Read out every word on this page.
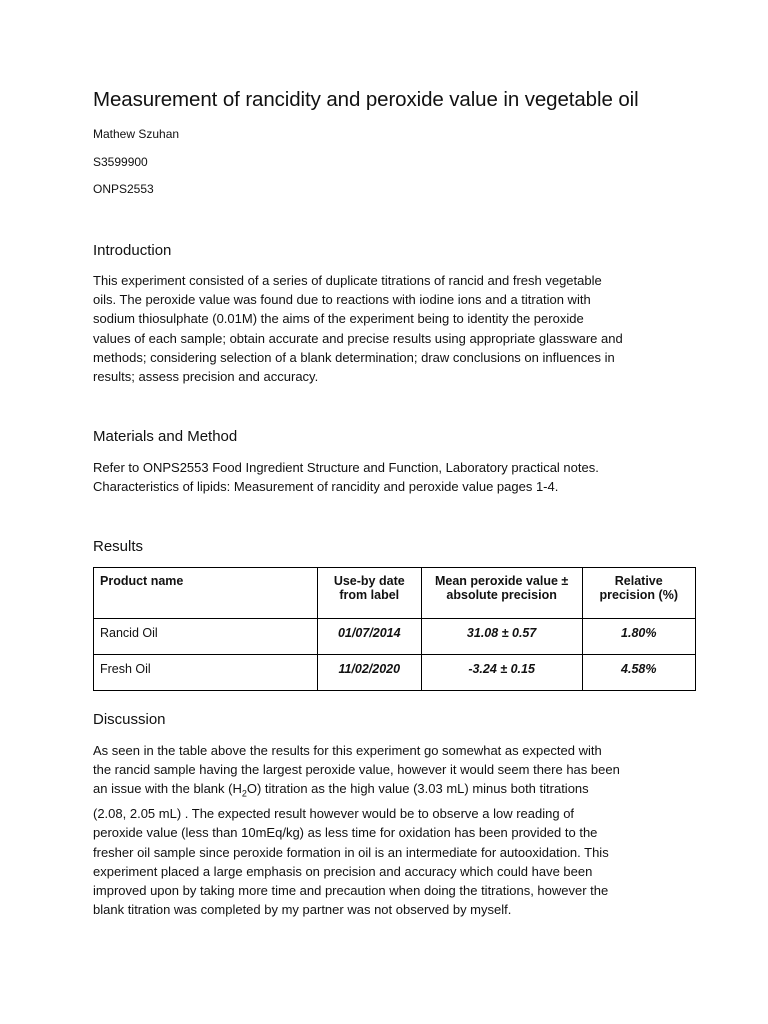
Measurement of rancidity and peroxide value in vegetable oil

Mathew Szuhan

S3599900

ONPS2553

Introduction

This experiment consisted of a series of duplicate titrations of rancid and fresh vegetable
oils. The peroxide value was found due to reactions with iodine ions and a titration with
sodium thiosulphate (0.01M) the aims of the experiment being to identity the peroxide
values of each sample; obtain accurate and precise results using appropriate glassware and
methods; considering selection of a blank determination; draw conclusions on influences in
results; assess precision and accuracy.

Materials and Method

Refer to ONPS2553 Food Ingredient Structure and Function, Laboratory practical notes.
Characteristics of lipids: Measurement of rancidity and peroxide value pages 1-4.

Results
Product name	Use-by date from label	Mean peroxide value ± absolute precision	Relative precision (%)
Rancid Oil	01/07/2014	31.08 ± 0.57	1.80%
Fresh Oil	11/02/2020	-3.24 ± 0.15	4.58%
Discussion

As seen in the table above the results for this experiment go somewhat as expected with
the rancid sample having the largest peroxide value, however it would seem there has been
an issue with the blank $(H_2O)$ titration as the high value (3.03 mL) minus both titrations
(2.08, 2.05 mL) . The expected result however would be to observe a low reading of
peroxide value (less than 10mEq/kg) as less time for oxidation has been provided to the
fresher oil sample since peroxide formation in oil is an intermediate for autooxidation. This
experiment placed a large emphasis on precision and accuracy which could have been
improved upon by taking more time and precaution when doing the titrations, however the
blank titration was completed by my partner was not observed by myself.
